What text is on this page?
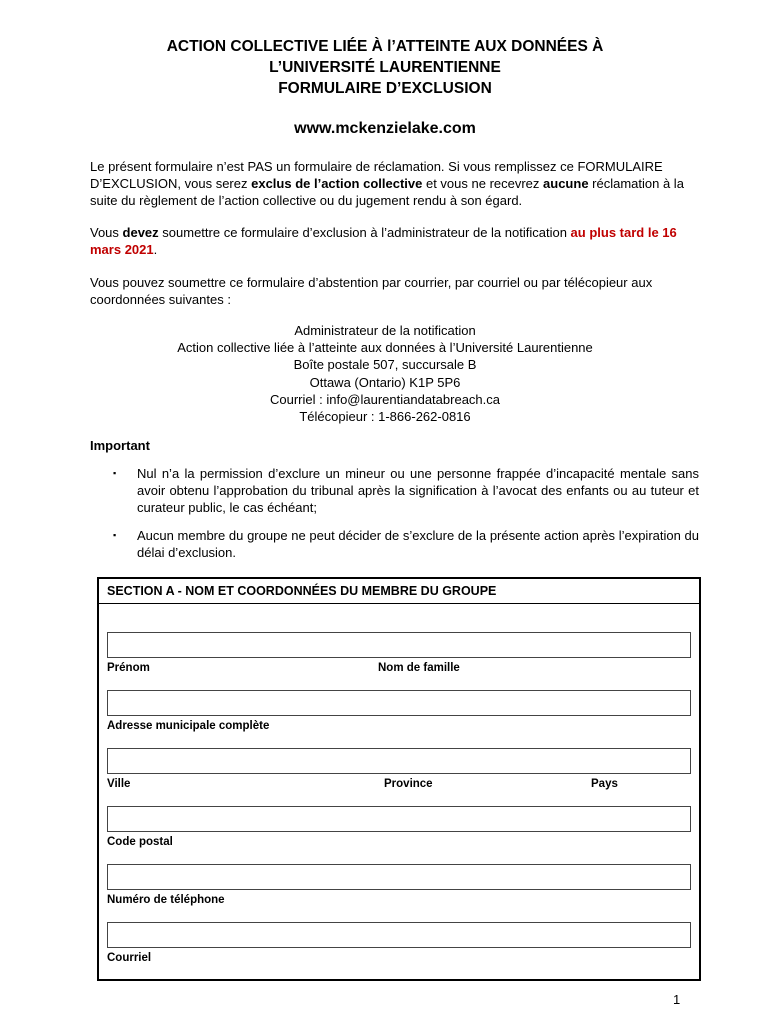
ACTION COLLECTIVE LIÉE À l’ATTEINTE AUX DONNÉES À
L’UNIVERSITÉ LAURENTIENNE
FORMULAIRE D’EXCLUSION
www.mckenzielake.com
Le présent formulaire n’est PAS un formulaire de réclamation. Si vous remplissez ce FORMULAIRE D’EXCLUSION, vous serez exclus de l’action collective et vous ne recevrez aucune réclamation à la suite du règlement de l’action collective ou du jugement rendu à son égard.
Vous devez soumettre ce formulaire d’exclusion à l’administrateur de la notification au plus tard le 16 mars 2021.
Vous pouvez soumettre ce formulaire d’abstention par courrier, par courriel ou par télécopieur aux coordonnées suivantes :
Administrateur de la notification
Action collective liée à l’atteinte aux données à l’Université Laurentienne
Boîte postale 507, succursale B
Ottawa (Ontario) K1P 5P6
Courriel : info@laurentiandatabreach.ca
Télécopieur : 1-866-262-0816
Important
▪ Nul n’a la permission d’exclure un mineur ou une personne frappée d’incapacité mentale sans avoir obtenu l’approbation du tribunal après la signification à l’avocat des enfants ou au tuteur et curateur public, le cas échéant;
▪ Aucun membre du groupe ne peut décider de s’exclure de la présente action après l’expiration du délai d’exclusion.
SECTION A - NOM ET COORDONNÉES DU MEMBRE DU GROUPE
Prénom	Nom de famille
Adresse municipale complète
Ville	Province	Pays
Code postal
Numéro de téléphone
Courriel
1
